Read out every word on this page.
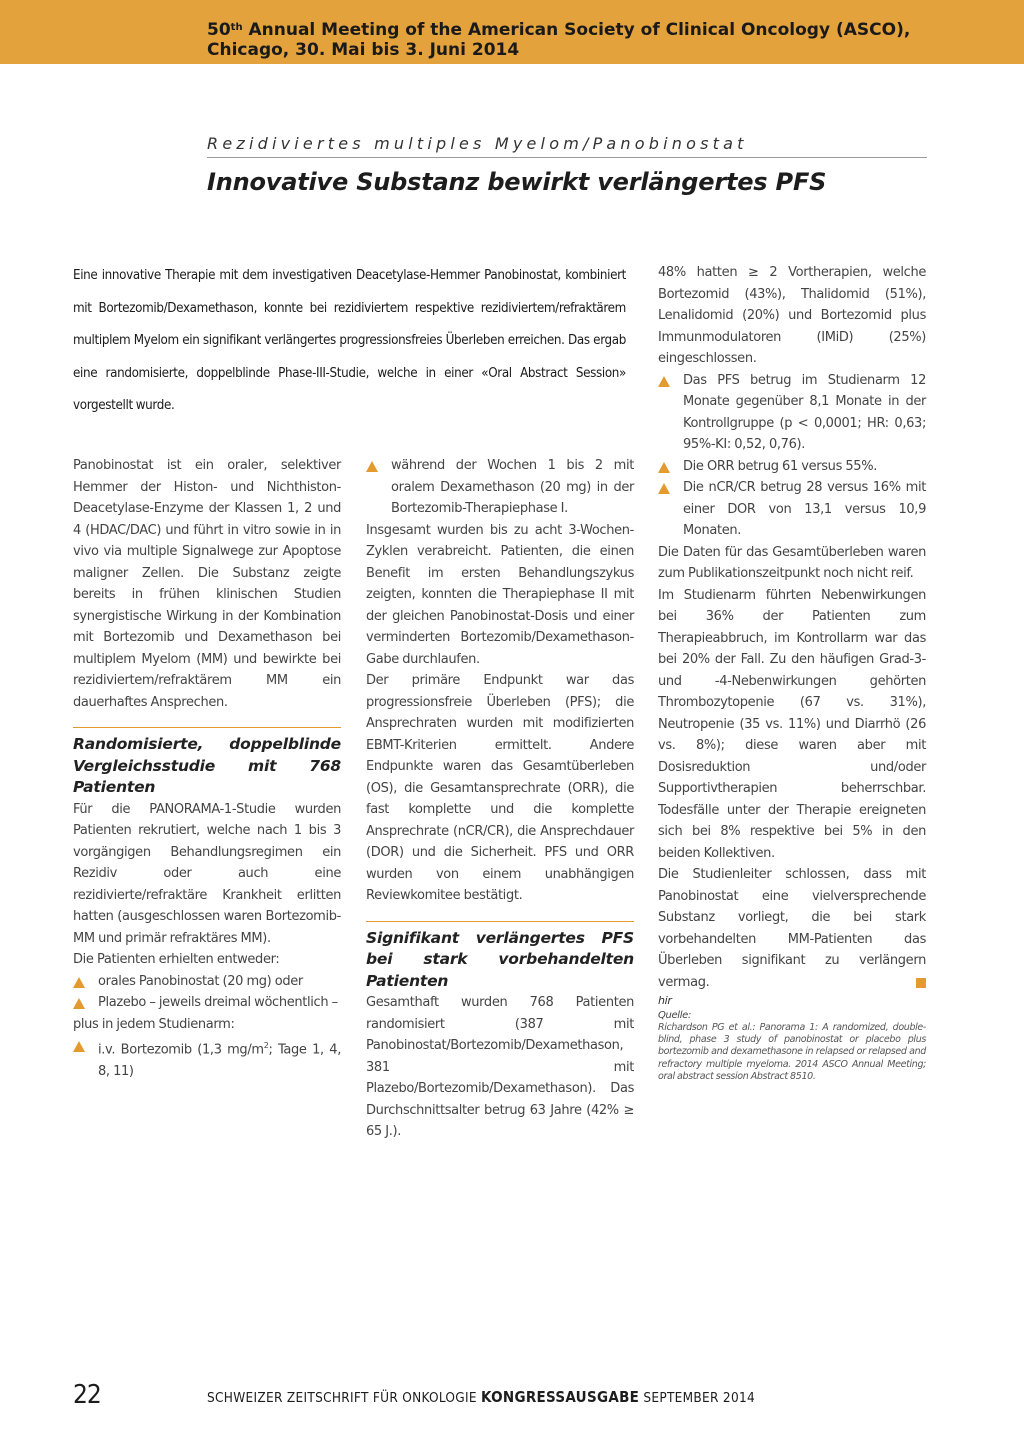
50th Annual Meeting of the American Society of Clinical Oncology (ASCO),
Chicago, 30. Mai bis 3. Juni 2014
Rezidiviertes multiples Myelom/Panobinostat
Innovative Substanz bewirkt verlängertes PFS
Eine innovative Therapie mit dem investigativen Deacetylase-Hemmer Panobinostat, kombiniert mit Bortezomib/Dexamethason, konnte bei rezidiviertem respektive rezidiviertem/refraktärem multiplem Myelom ein signifikant verlängertes progressionsfreies Überleben erreichen. Das ergab eine randomisierte, doppelblinde Phase-III-Studie, welche in einer «Oral Abstract Session» vorgestellt wurde.

Panobinostat ist ein oraler, selektiver Hemmer der Histon- und Nichthiston-Deacetylase-Enzyme der Klassen 1, 2 und 4 (HDAC/DAC) und führt in vitro sowie in in vivo via multiple Signalwege zur Apoptose maligner Zellen. Die Substanz zeigte bereits in frühen klinischen Studien synergistische Wirkung in der Kombination mit Bortezomib und Dexamethason bei multiplem Myelom (MM) und bewirkte bei rezidiviertem/refraktärem MM ein dauerhaftes Ansprechen.

Randomisierte, doppelblinde Vergleichsstudie mit 768 Patienten

Für die PANORAMA-1-Studie wurden Patienten rekrutiert, welche nach 1 bis 3 vorgängigen Behandlungsregimen ein Rezidiv oder auch eine rezidivierte/refraktäre Krankheit erlitten hatten (ausgeschlossen waren Bortezomib-MM und primär refraktäres MM).

Die Patienten erhielten entweder:

orales Panobinostat (20 mg) oder

Plazebo – jeweils dreimal wöchentlich –

plus in jedem Studienarm:

i.v. Bortezomib (1,3 $mg/m^2$; Tage 1, 4, 8, 11)

während der Wochen 1 bis 2 mit oralem Dexamethason (20 mg) in der Bortezomib-Therapiephase I.

Insgesamt wurden bis zu acht 3-Wochen-Zyklen verabreicht. Patienten, die einen Benefit im ersten Behandlungszykus zeigten, konnten die Therapiephase II mit der gleichen Panobinostat-Dosis und einer verminderten Bortezomib/Dexamethason-Gabe durchlaufen.

Der primäre Endpunkt war das progressionsfreie Überleben (PFS); die Ansprechraten wurden mit modifizierten EBMT-Kriterien ermittelt. Andere Endpunkte waren das Gesamtüberleben (OS), die Gesamtansprechrate (ORR), die fast komplette und die komplette Ansprechrate (nCR/CR), die Ansprechdauer (DOR) und die Sicherheit. PFS und ORR wurden von einem unabhängigen Reviewkomitee bestätigt.

Signifikant verlängertes PFS bei stark vorbehandelten Patienten

Gesamthaft wurden 768 Patienten randomisiert (387 mit Panobinostat/Bortezomib/Dexamethason, 381 mit Plazebo/Bortezomib/Dexamethason). Das Durchschnittsalter betrug 63 Jahre (42% ≥ 65 J.).

48% hatten ≥ 2 Vortherapien, welche Bortezomid (43%), Thalidomid (51%), Lenalidomid (20%) und Bortezomid plus Immunmodulatoren (IMiD) (25%) eingeschlossen.

Das PFS betrug im Studienarm 12 Monate gegenüber 8,1 Monate in der Kontrollgruppe (p < 0,0001; HR: 0,63; 95%-KI: 0,52, 0,76).

Die ORR betrug 61 versus 55%.

Die nCR/CR betrug 28 versus 16% mit einer DOR von 13,1 versus 10,9 Monaten.

Die Daten für das Gesamtüberleben waren zum Publikationszeitpunkt noch nicht reif.

Im Studienarm führten Nebenwirkungen bei 36% der Patienten zum Therapieabbruch, im Kontrollarm war das bei 20% der Fall. Zu den häufigen Grad-3- und -4-Nebenwirkungen gehörten Thrombozytopenie (67 vs. 31%), Neutropenie (35 vs. 11%) und Diarrhö (26 vs. 8%); diese waren aber mit Dosisreduktion und/oder Supportivtherapien beherrschbar. Todesfälle unter der Therapie ereigneten sich bei 8% respektive bei 5% in den beiden Kollektiven.

Die Studienleiter schlossen, dass mit Panobinostat eine vielversprechende Substanz vorliegt, die bei stark vorbehandelten MM-Patienten das Überleben signifikant zu verlängern vermag.

hir

Quelle:

Richardson PG et al.: Panorama 1: A randomized, double-blind, phase 3 study of panobinostat or placebo plus bortezomib and dexamethasone in relapsed or relapsed and refractory multiple myeloma. 2014 ASCO Annual Meeting; oral abstract session Abstract 8510.

22	SCHWEIZER ZEITSCHRIFT FÜR ONKOLOGIE KONGRESSAUSGABE SEPTEMBER 2014
